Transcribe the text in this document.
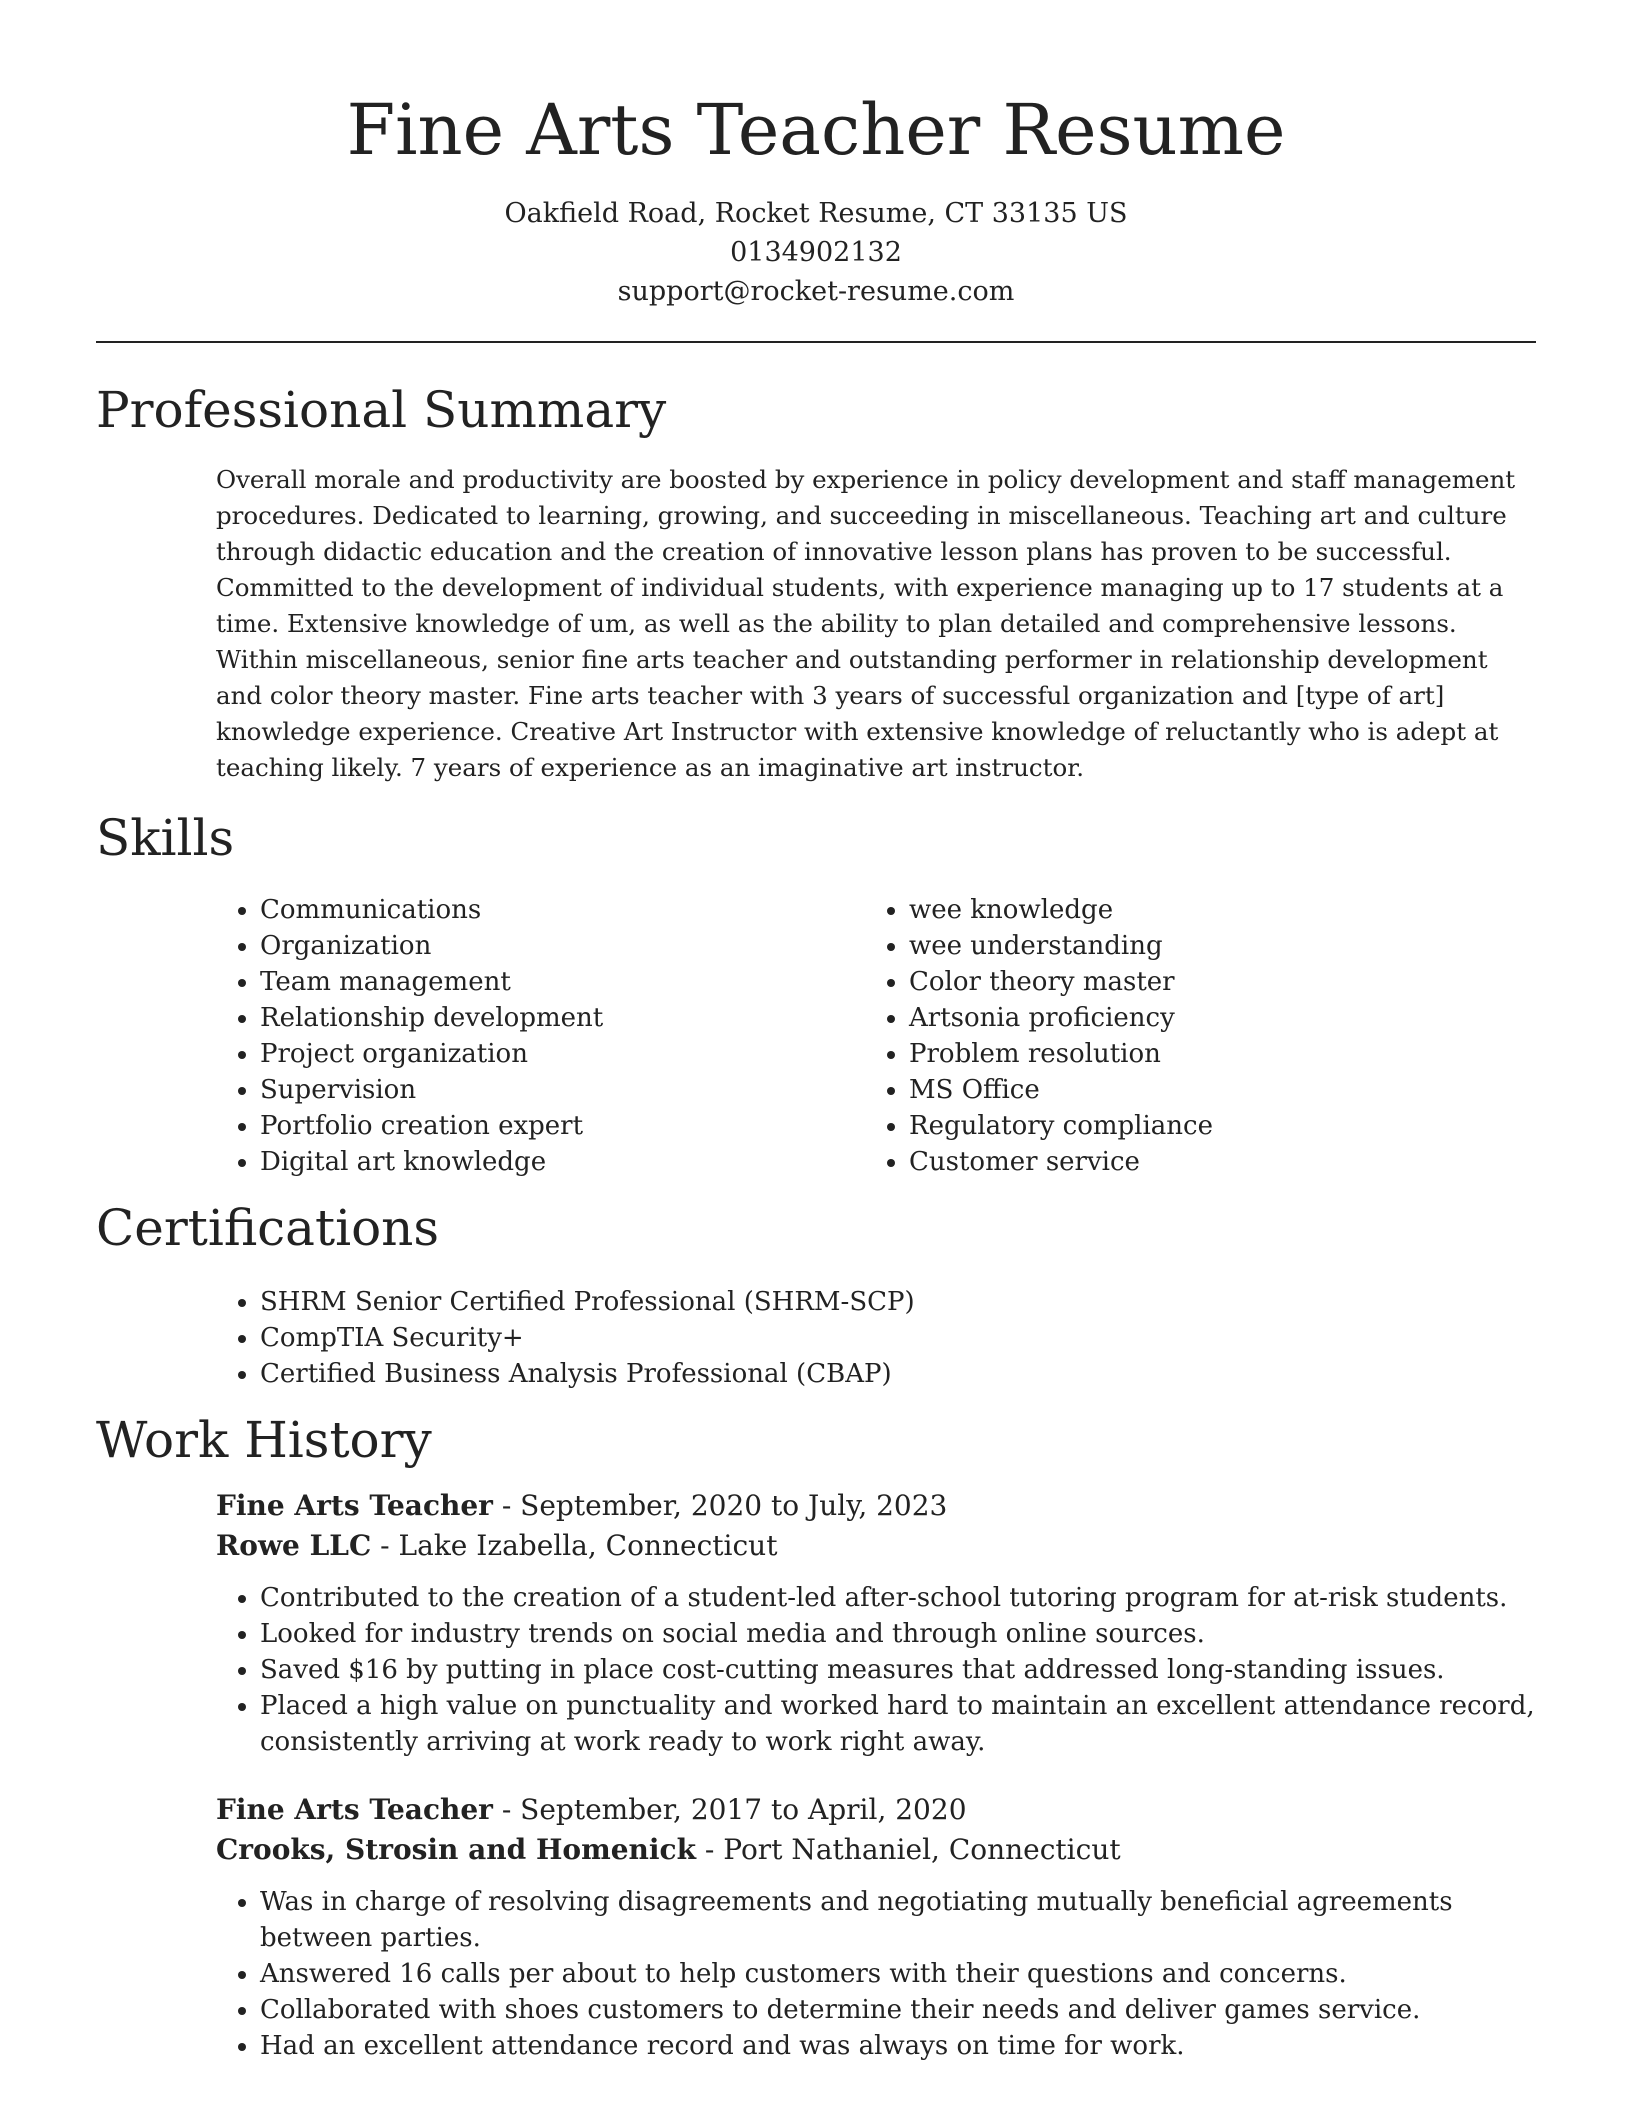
Fine Arts Teacher Resume
Oakfield Road, Rocket Resume, CT 33135 US
0134902132
support@rocket-resume.com
Professional Summary

Overall morale and productivity are boosted by experience in policy development and staff management procedures. Dedicated to learning, growing, and succeeding in miscellaneous. Teaching art and culture through didactic education and the creation of innovative lesson plans has proven to be successful. Committed to the development of individual students, with experience managing up to 17 students at a time. Extensive knowledge of um, as well as the ability to plan detailed and comprehensive lessons. Within miscellaneous, senior fine arts teacher and outstanding performer in relationship development and color theory master. Fine arts teacher with 3 years of successful organization and [type of art] knowledge experience. Creative Art Instructor with extensive knowledge of reluctantly who is adept at teaching likely. 7 years of experience as an imaginative art instructor.

Skills
• Communications
• Organization
• Team management
• Relationship development
• Project organization
• Supervision
• Portfolio creation expert
• Digital art knowledge
• wee knowledge
• wee understanding
• Color theory master
• Artsonia proficiency
• Problem resolution
• MS Office
• Regulatory compliance
• Customer service
Certifications
• SHRM Senior Certified Professional (SHRM-SCP)
• CompTIA Security+
• Certified Business Analysis Professional (CBAP)
Work History
Fine Arts Teacher - September, 2020 to July, 2023
Rowe LLC - Lake Izabella, Connecticut
• Contributed to the creation of a student-led after-school tutoring program for at-risk students.
• Looked for industry trends on social media and through online sources.
• Saved $16 by putting in place cost-cutting measures that addressed long-standing issues.
• Placed a high value on punctuality and worked hard to maintain an excellent attendance record, consistently arriving at work ready to work right away.
Fine Arts Teacher - September, 2017 to April, 2020
Crooks, Strosin and Homenick - Port Nathaniel, Connecticut
• Was in charge of resolving disagreements and negotiating mutually beneficial agreements between parties.
• Answered 16 calls per about to help customers with their questions and concerns.
• Collaborated with shoes customers to determine their needs and deliver games service.
• Had an excellent attendance record and was always on time for work.
